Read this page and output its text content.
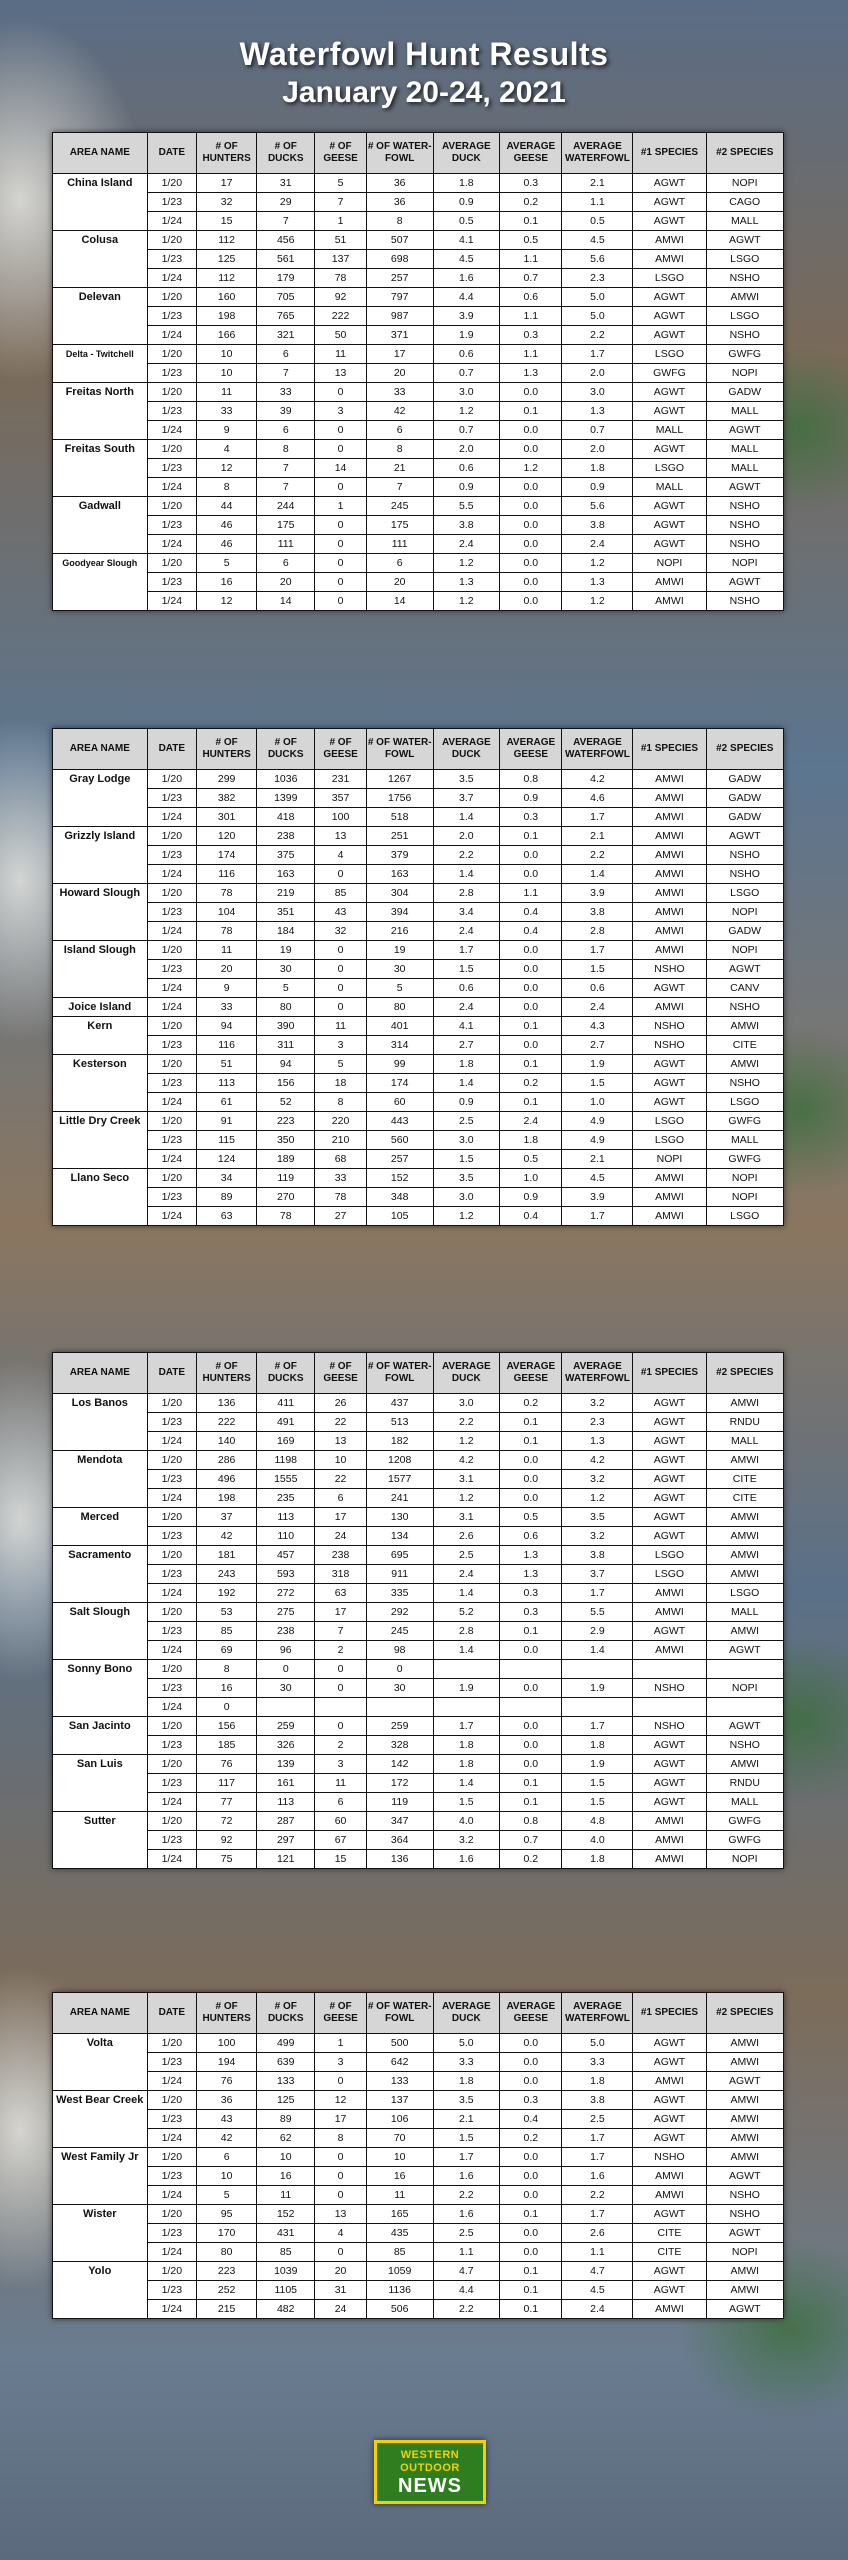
Waterfowl Hunt Results
January 20-24, 2021
AREA NAME	DATE	# OF HUNTERS	# OF DUCKS	# OF GEESE	# OF WATER-FOWL	AVERAGE DUCK	AVERAGE GEESE	AVERAGE WATERFOWL	#1 SPECIES	#2 SPECIES
China Island	1/20	17	31	5	36	1.8	0.3	2.1	AGWT	NOPI
	1/23	32	29	7	36	0.9	0.2	1.1	AGWT	CAGO
	1/24	15	7	1	8	0.5	0.1	0.5	AGWT	MALL
Colusa	1/20	112	456	51	507	4.1	0.5	4.5	AMWI	AGWT
	1/23	125	561	137	698	4.5	1.1	5.6	AMWI	LSGO
	1/24	112	179	78	257	1.6	0.7	2.3	LSGO	NSHO
Delevan	1/20	160	705	92	797	4.4	0.6	5.0	AGWT	AMWI
	1/23	198	765	222	987	3.9	1.1	5.0	AGWT	LSGO
	1/24	166	321	50	371	1.9	0.3	2.2	AGWT	NSHO
Delta - Twitchell	1/20	10	6	11	17	0.6	1.1	1.7	LSGO	GWFG
	1/23	10	7	13	20	0.7	1.3	2.0	GWFG	NOPI
Freitas North	1/20	11	33	0	33	3.0	0.0	3.0	AGWT	GADW
	1/23	33	39	3	42	1.2	0.1	1.3	AGWT	MALL
	1/24	9	6	0	6	0.7	0.0	0.7	MALL	AGWT
Freitas South	1/20	4	8	0	8	2.0	0.0	2.0	AGWT	MALL
	1/23	12	7	14	21	0.6	1.2	1.8	LSGO	MALL
	1/24	8	7	0	7	0.9	0.0	0.9	MALL	AGWT
Gadwall	1/20	44	244	1	245	5.5	0.0	5.6	AGWT	NSHO
	1/23	46	175	0	175	3.8	0.0	3.8	AGWT	NSHO
	1/24	46	111	0	111	2.4	0.0	2.4	AGWT	NSHO
Goodyear Slough	1/20	5	6	0	6	1.2	0.0	1.2	NOPI	NOPI
	1/23	16	20	0	20	1.3	0.0	1.3	AMWI	AGWT
	1/24	12	14	0	14	1.2	0.0	1.2	AMWI	NSHO
AREA NAME	DATE	# OF HUNTERS	# OF DUCKS	# OF GEESE	# OF WATER-FOWL	AVERAGE DUCK	AVERAGE GEESE	AVERAGE WATERFOWL	#1 SPECIES	#2 SPECIES
Gray Lodge	1/20	299	1036	231	1267	3.5	0.8	4.2	AMWI	GADW
	1/23	382	1399	357	1756	3.7	0.9	4.6	AMWI	GADW
	1/24	301	418	100	518	1.4	0.3	1.7	AMWI	GADW
Grizzly Island	1/20	120	238	13	251	2.0	0.1	2.1	AMWI	AGWT
	1/23	174	375	4	379	2.2	0.0	2.2	AMWI	NSHO
	1/24	116	163	0	163	1.4	0.0	1.4	AMWI	NSHO
Howard Slough	1/20	78	219	85	304	2.8	1.1	3.9	AMWI	LSGO
	1/23	104	351	43	394	3.4	0.4	3.8	AMWI	NOPI
	1/24	78	184	32	216	2.4	0.4	2.8	AMWI	GADW
Island Slough	1/20	11	19	0	19	1.7	0.0	1.7	AMWI	NOPI
	1/23	20	30	0	30	1.5	0.0	1.5	NSHO	AGWT
	1/24	9	5	0	5	0.6	0.0	0.6	AGWT	CANV
Joice Island	1/24	33	80	0	80	2.4	0.0	2.4	AMWI	NSHO
Kern	1/20	94	390	11	401	4.1	0.1	4.3	NSHO	AMWI
	1/23	116	311	3	314	2.7	0.0	2.7	NSHO	CITE
Kesterson	1/20	51	94	5	99	1.8	0.1	1.9	AGWT	AMWI
	1/23	113	156	18	174	1.4	0.2	1.5	AGWT	NSHO
	1/24	61	52	8	60	0.9	0.1	1.0	AGWT	LSGO
Little Dry Creek	1/20	91	223	220	443	2.5	2.4	4.9	LSGO	GWFG
	1/23	115	350	210	560	3.0	1.8	4.9	LSGO	MALL
	1/24	124	189	68	257	1.5	0.5	2.1	NOPI	GWFG
Llano Seco	1/20	34	119	33	152	3.5	1.0	4.5	AMWI	NOPI
	1/23	89	270	78	348	3.0	0.9	3.9	AMWI	NOPI
	1/24	63	78	27	105	1.2	0.4	1.7	AMWI	LSGO
AREA NAME	DATE	# OF HUNTERS	# OF DUCKS	# OF GEESE	# OF WATER-FOWL	AVERAGE DUCK	AVERAGE GEESE	AVERAGE WATERFOWL	#1 SPECIES	#2 SPECIES
Los Banos	1/20	136	411	26	437	3.0	0.2	3.2	AGWT	AMWI
	1/23	222	491	22	513	2.2	0.1	2.3	AGWT	RNDU
	1/24	140	169	13	182	1.2	0.1	1.3	AGWT	MALL
Mendota	1/20	286	1198	10	1208	4.2	0.0	4.2	AGWT	AMWI
	1/23	496	1555	22	1577	3.1	0.0	3.2	AGWT	CITE
	1/24	198	235	6	241	1.2	0.0	1.2	AGWT	CITE
Merced	1/20	37	113	17	130	3.1	0.5	3.5	AGWT	AMWI
	1/23	42	110	24	134	2.6	0.6	3.2	AGWT	AMWI
Sacramento	1/20	181	457	238	695	2.5	1.3	3.8	LSGO	AMWI
	1/23	243	593	318	911	2.4	1.3	3.7	LSGO	AMWI
	1/24	192	272	63	335	1.4	0.3	1.7	AMWI	LSGO
Salt Slough	1/20	53	275	17	292	5.2	0.3	5.5	AMWI	MALL
	1/23	85	238	7	245	2.8	0.1	2.9	AGWT	AMWI
	1/24	69	96	2	98	1.4	0.0	1.4	AMWI	AGWT
Sonny Bono	1/20	8	0	0	0					
	1/23	16	30	0	30	1.9	0.0	1.9	NSHO	NOPI
	1/24	0								
San Jacinto	1/20	156	259	0	259	1.7	0.0	1.7	NSHO	AGWT
	1/23	185	326	2	328	1.8	0.0	1.8	AGWT	NSHO
San Luis	1/20	76	139	3	142	1.8	0.0	1.9	AGWT	AMWI
	1/23	117	161	11	172	1.4	0.1	1.5	AGWT	RNDU
	1/24	77	113	6	119	1.5	0.1	1.5	AGWT	MALL
Sutter	1/20	72	287	60	347	4.0	0.8	4.8	AMWI	GWFG
	1/23	92	297	67	364	3.2	0.7	4.0	AMWI	GWFG
	1/24	75	121	15	136	1.6	0.2	1.8	AMWI	NOPI
AREA NAME	DATE	# OF HUNTERS	# OF DUCKS	# OF GEESE	# OF WATER-FOWL	AVERAGE DUCK	AVERAGE GEESE	AVERAGE WATERFOWL	#1 SPECIES	#2 SPECIES
Volta	1/20	100	499	1	500	5.0	0.0	5.0	AGWT	AMWI
	1/23	194	639	3	642	3.3	0.0	3.3	AGWT	AMWI
	1/24	76	133	0	133	1.8	0.0	1.8	AMWI	AGWT
West Bear Creek	1/20	36	125	12	137	3.5	0.3	3.8	AGWT	AMWI
	1/23	43	89	17	106	2.1	0.4	2.5	AGWT	AMWI
	1/24	42	62	8	70	1.5	0.2	1.7	AGWT	AMWI
West Family Jr	1/20	6	10	0	10	1.7	0.0	1.7	NSHO	AMWI
	1/23	10	16	0	16	1.6	0.0	1.6	AMWI	AGWT
	1/24	5	11	0	11	2.2	0.0	2.2	AMWI	NSHO
Wister	1/20	95	152	13	165	1.6	0.1	1.7	AGWT	NSHO
	1/23	170	431	4	435	2.5	0.0	2.6	CITE	AGWT
	1/24	80	85	0	85	1.1	0.0	1.1	CITE	NOPI
Yolo	1/20	223	1039	20	1059	4.7	0.1	4.7	AGWT	AMWI
	1/23	252	1105	31	1136	4.4	0.1	4.5	AGWT	AMWI
	1/24	215	482	24	506	2.2	0.1	2.4	AMWI	AGWT
WESTERN
OUTDOOR
NEWS
